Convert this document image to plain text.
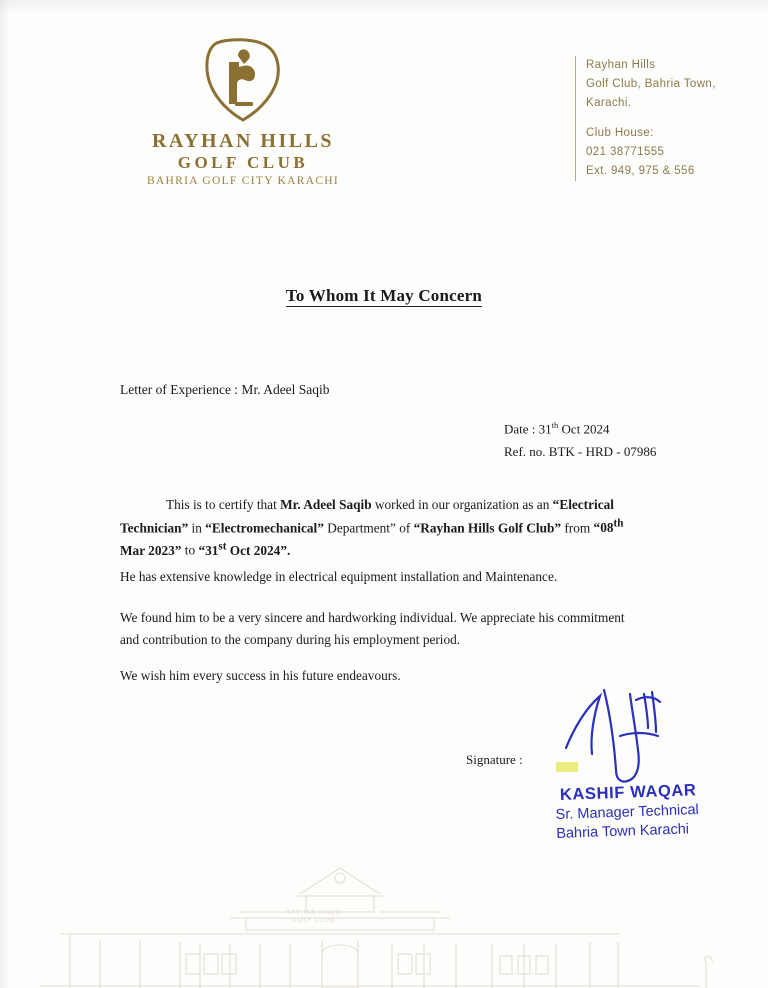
RAYHAN HILLS
GOLF CLUB
BAHRIA GOLF CITY KARACHI
Rayhan Hills
Golf Club, Bahria Town,
Karachi.
Club House:
021 38771555
Ext. 949, 975 & 556
To Whom It May Concern
Letter of Experience : Mr. Adeel Saqib
Date : 31th Oct 2024
Ref. no. BTK - HRD - 07986
This is to certify that Mr. Adeel Saqib worked in our organization as an “Electrical Technician” in “Electromechanical” Department” of “Rayhan Hills Golf Club” from “08th Mar 2023” to “31st Oct 2024”.
He has extensive knowledge in electrical equipment installation and Maintenance.
We found him to be a very sincere and hardworking individual. We appreciate his commitment and contribution to the company during his employment period.
We wish him every success in his future endeavours.
Signature :
KASHIF WAQAR
Sr. Manager Technical
Bahria Town Karachi
RAYHAN HILLS
GOLF CLUB
